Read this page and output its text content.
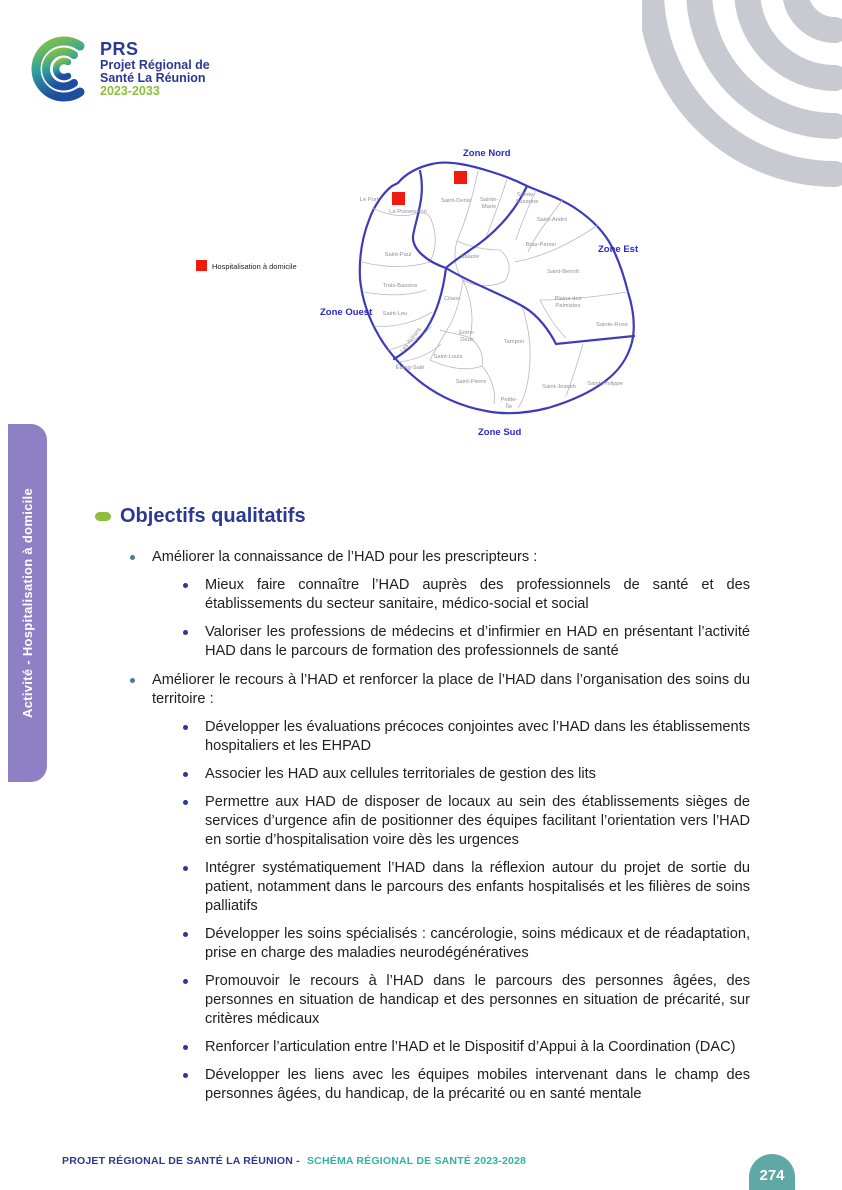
PRS
Projet Régional de
Santé La Réunion
2023-2033
Zone Nord
Zone Est
Zone Ouest
Zone Sud
Le Port
La Possession
Saint-Denis Sainte-
Marie
Sainte-
Suzanne
Saint-André
Bras-Panon
Saint-Paul	Salazie
Saint-Benoît
Trois-Bassins
Cilaos	Plaine des
Palmistes
Saint-Leu
Sainte-Rose
Les Avirons	Entre-
Deux	Tampon
Saint-Louis
Étang-Salé
Saint-Pierre
Saint-Joseph Saint-Philippe
Petite-
Île
Hospitalisation à domicile
Activité - Hospitalisation à domicile	Objectifs qualitatifs
Améliorer la connaissance de l’HAD pour les prescripteurs :
Mieux faire connaître l’HAD auprès des professionnels de santé et des établissements du secteur sanitaire, médico-social et social
Valoriser les professions de médecins et d’infirmier en HAD en présentant l’activité HAD dans le parcours de formation des professionnels de santé
Améliorer le recours à l’HAD et renforcer la place de l’HAD dans l’organisation des soins du territoire :
Développer les évaluations précoces conjointes avec l’HAD dans les établissements hospitaliers et les EHPAD
Associer les HAD aux cellules territoriales de gestion des lits
Permettre aux HAD de disposer de locaux au sein des établissements sièges de services d’urgence afin de positionner des équipes facilitant l’orientation vers l’HAD en sortie d’hospitalisation voire dès les urgences
Intégrer systématiquement l’HAD dans la réflexion autour du projet de sortie du patient, notamment dans le parcours des enfants hospitalisés et les filières de soins palliatifs
Développer les soins spécialisés : cancérologie, soins médicaux et de réadaptation, prise en charge des maladies neurodégénératives
Promouvoir le recours à l’HAD dans le parcours des personnes âgées, des personnes en situation de handicap et des personnes en situation de précarité, sur critères médicaux
Renforcer l’articulation entre l’HAD et le Dispositif d’Appui à la Coordination (DAC)
Développer les liens avec les équipes mobiles intervenant dans le champ des personnes âgées, du handicap, de la précarité ou en santé mentale
PROJET RÉGIONAL DE SANTÉ LA RÉUNION - SCHÉMA RÉGIONAL DE SANTÉ 2023-2028
274
